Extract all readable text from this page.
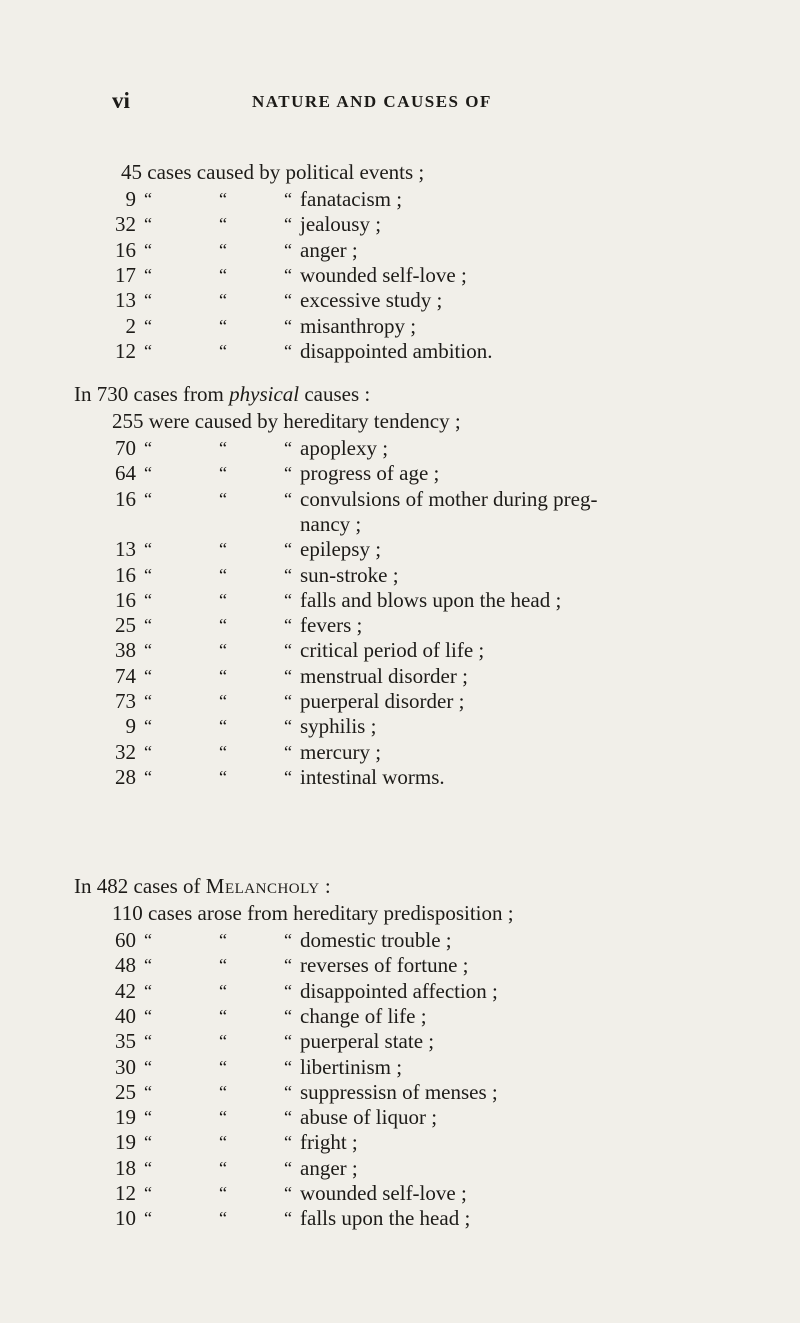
vi	NATURE AND CAUSES OF
45 cases caused by political events ;
9 “	“	“ fanatacism ;
32 “	“	“ jealousy ;
16 “	“	“ anger ;
17 “	“	“ wounded self-love ;
13 “	“	“ excessive study ;
2 “	“	“ misanthropy ;
12 “	“	“ disappointed ambition.
In 730 cases from physical causes :
255 were caused by hereditary tendency ;
70 “	“	“ apoplexy ;
64 “	“	“ progress of age ;
16 “	“	“ convulsions of mother during preg-
nancy ;
13 “	“	“ epilepsy ;
16 “	“	“ sun-stroke ;
16 “	“	“ falls and blows upon the head ;
25 “	“	“ fevers ;
38 “	“	“ critical period of life ;
74 “	“	“ menstrual disorder ;
73 “	“	“ puerperal disorder ;
9 “	“	“ syphilis ;
32 “	“	“ mercury ;
28 “	“	“ intestinal worms.
In 482 cases of Melancholy :
110 cases arose from hereditary predisposition ;
60 “	“	“ domestic trouble ;
48 “	“	“ reverses of fortune ;
42 “	“	“ disappointed affection ;
40 “	“	“ change of life ;
35 “	“	“ puerperal state ;
30 “	“	“ libertinism ;
25 “	“	“ suppressisn of menses ;
19 “	“	“ abuse of liquor ;
19 “	“	“ fright ;
18 “	“	“ anger ;
12 “	“	“ wounded self-love ;
10 “	“	“ falls upon the head ;
